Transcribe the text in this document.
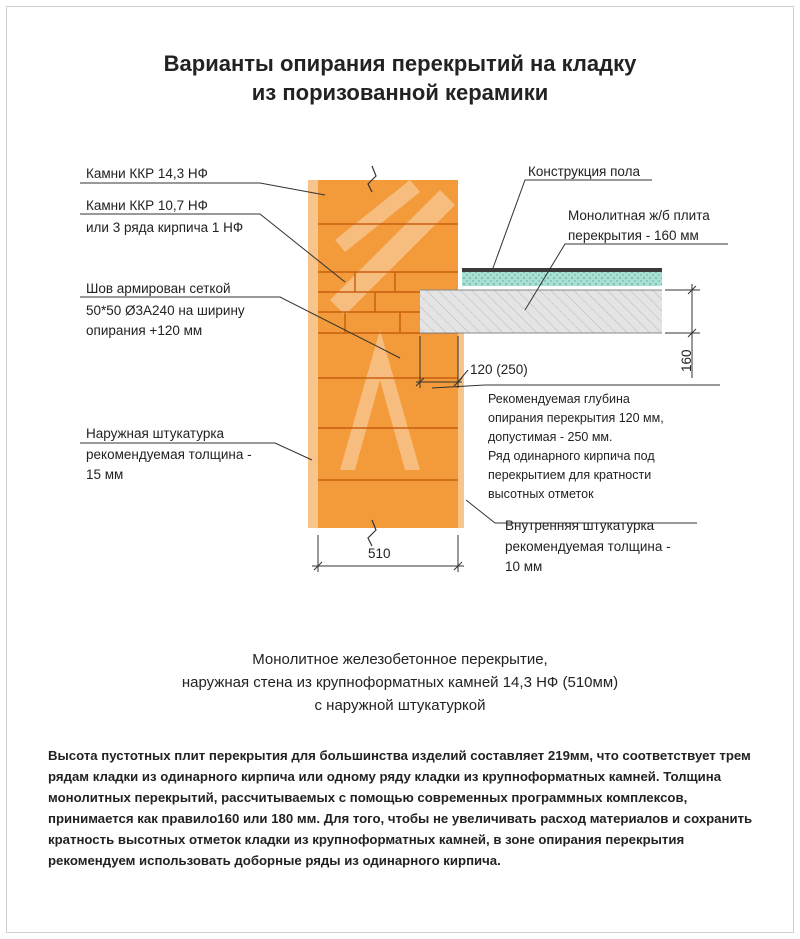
Варианты опирания перекрытий на кладку
из поризованной керамики
510
160
120 (250)
Камни ККР 14,3 НФ
Камни ККР 10,7 НФ
или 3 ряда кирпича 1 НФ
Шов армирован сеткой
50*50 Ø3А240 на ширину
опирания +120 мм
Наружная штукатурка
рекомендуемая толщина -
15 мм
Конструкция пола
Монолитная ж/б плита
перекрытия - 160 мм
Рекомендуемая глубина
опирания перекрытия 120 мм,
допустимая - 250 мм.
Ряд одинарного кирпича под
перекрытием для кратности
высотных отметок
Внутренняя штукатурка
рекомендуемая толщина -
10 мм
Монолитное железобетонное перекрытие,
наружная стена из крупноформатных камней 14,3 НФ (510мм)
с наружной штукатуркой
Высота пустотных плит перекрытия для большинства изделий составляет 219мм, что соответствует трем
рядам кладки из одинарного кирпича или одному ряду кладки из крупноформатных камней. Толщина
монолитных перекрытий, рассчитываемых с помощью современных программных комплексов,
принимается как правило160 или 180 мм. Для того, чтобы не увеличивать расход материалов и сохранить
кратность высотных отметок кладки из крупноформатных камней, в зоне опирания перекрытия
рекомендуем использовать доборные ряды из одинарного кирпича.
